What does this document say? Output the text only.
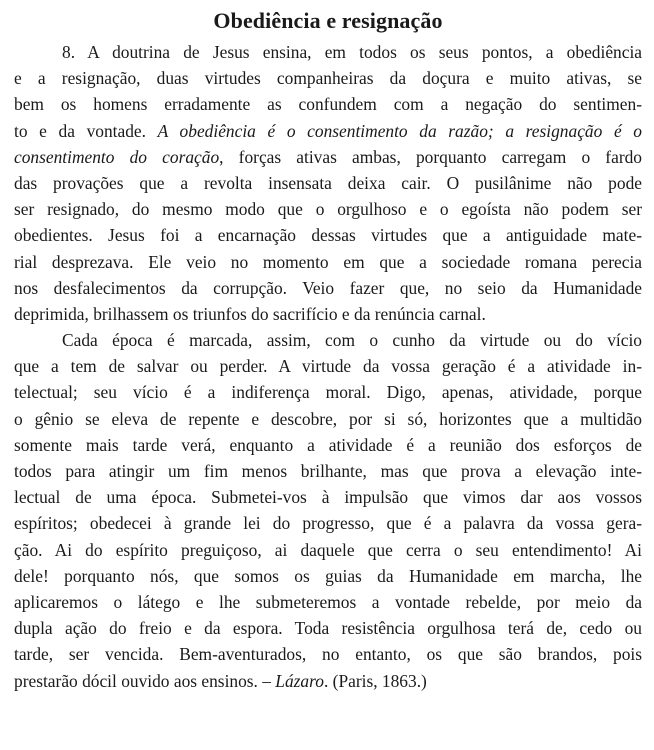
Obediência e resignação

8. A doutrina de Jesus ensina, em todos os seus pontos, a obediência
e a resignação, duas virtudes companheiras da doçura e muito ativas, se
bem os homens erradamente as confundem com a negação do sentimen-
to e da vontade. A obediência é o consentimento da razão; a resignação é o
consentimento do coração, forças ativas ambas, porquanto carregam o fardo
das provações que a revolta insensata deixa cair. O pusilânime não pode
ser resignado, do mesmo modo que o orgulhoso e o egoísta não podem ser
obedientes. Jesus foi a encarnação dessas virtudes que a antiguidade mate-
rial desprezava. Ele veio no momento em que a sociedade romana perecia
nos desfalecimentos da corrupção. Veio fazer que, no seio da Humanidade
deprimida, brilhassem os triunfos do sacrifício e da renúncia carnal.

Cada época é marcada, assim, com o cunho da virtude ou do vício
que a tem de salvar ou perder. A virtude da vossa geração é a atividade in-
telectual; seu vício é a indiferença moral. Digo, apenas, atividade, porque
o gênio se eleva de repente e descobre, por si só, horizontes que a multidão
somente mais tarde verá, enquanto a atividade é a reunião dos esforços de
todos para atingir um fim menos brilhante, mas que prova a elevação inte-
lectual de uma época. Submetei-vos à impulsão que vimos dar aos vossos
espíritos; obedecei à grande lei do progresso, que é a palavra da vossa gera-
ção. Ai do espírito preguiçoso, ai daquele que cerra o seu entendimento! Ai
dele! porquanto nós, que somos os guias da Humanidade em marcha, lhe
aplicaremos o látego e lhe submeteremos a vontade rebelde, por meio da
dupla ação do freio e da espora. Toda resistência orgulhosa terá de, cedo ou
tarde, ser vencida. Bem-aventurados, no entanto, os que são brandos, pois
prestarão dócil ouvido aos ensinos. – Lázaro. (Paris, 1863.)
